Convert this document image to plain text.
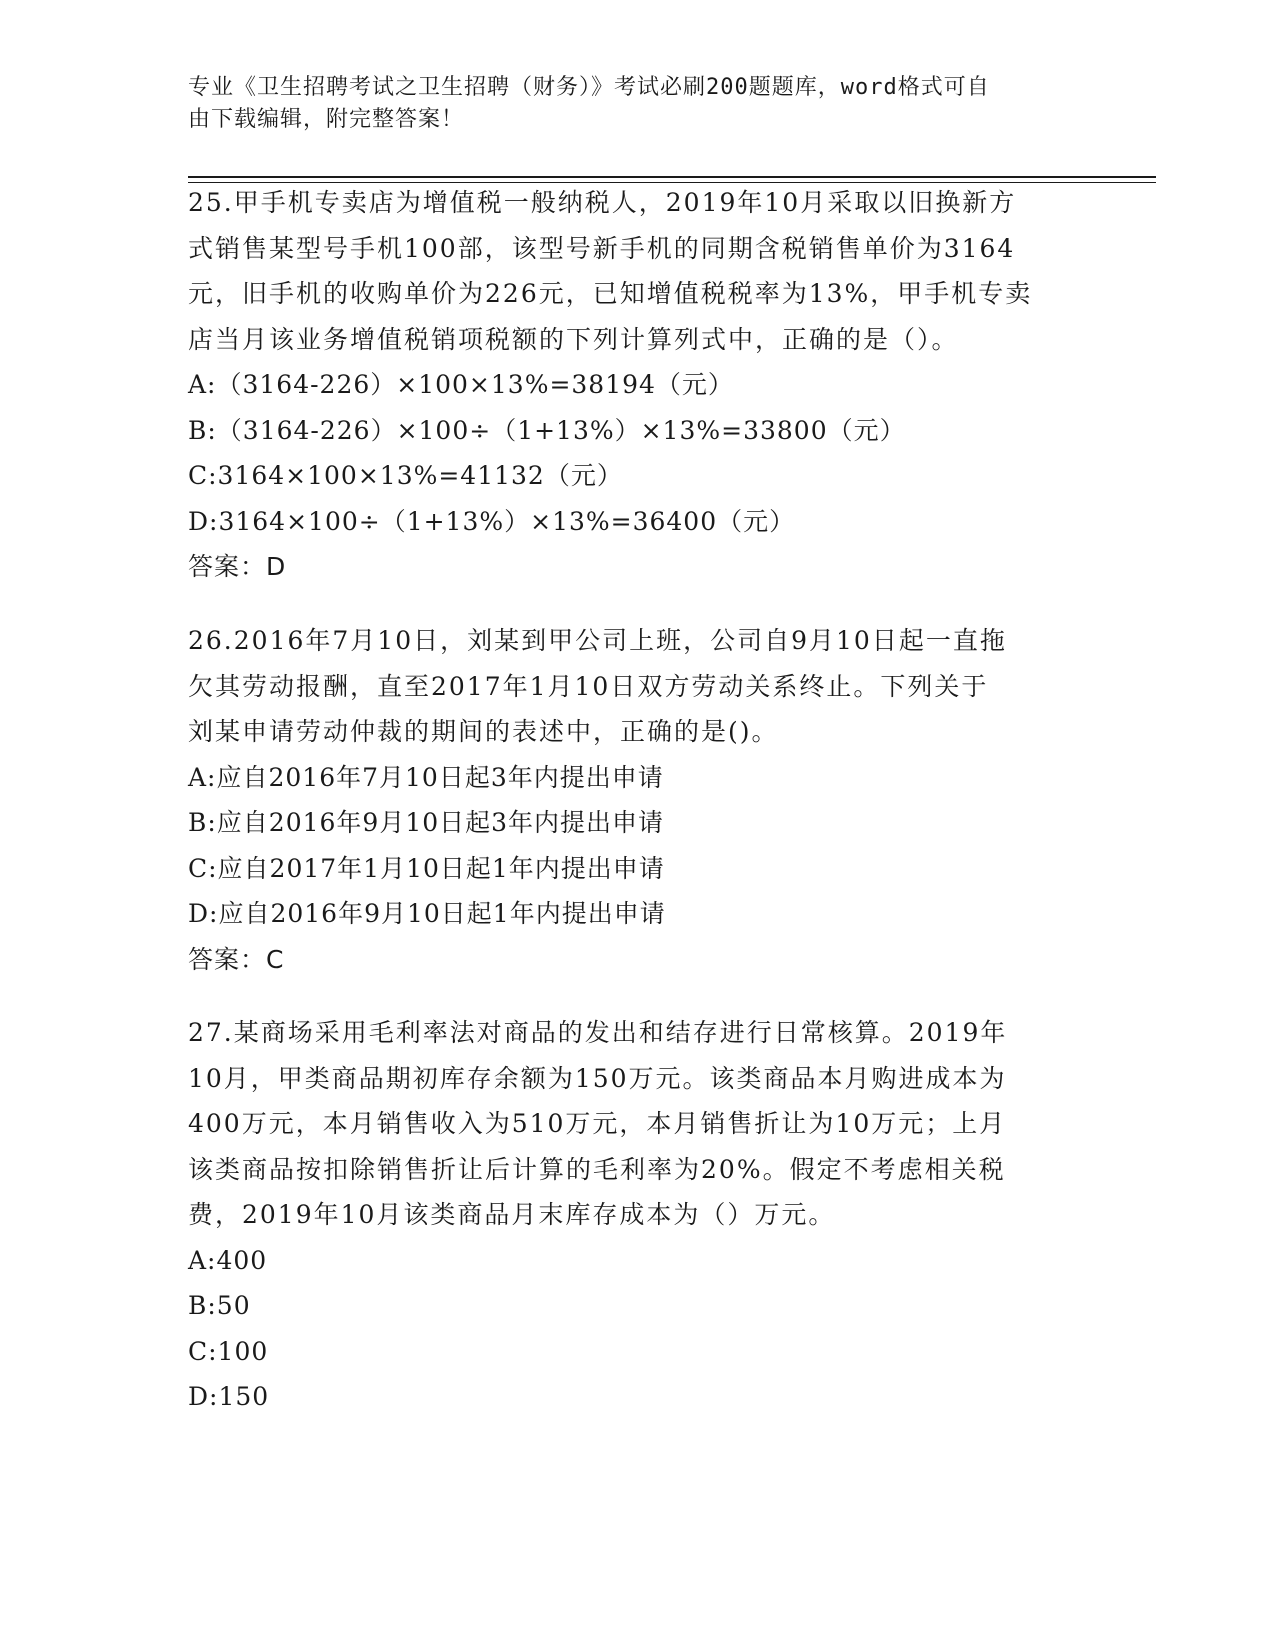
专业《卫生招聘考试之卫生招聘（财务）》考试必刷200题题库，word格式可自
由下载编辑，附完整答案！
25.甲手机专卖店为增值税一般纳税人，2019年10月采取以旧换新方
式销售某型号手机100部，该型号新手机的同期含税销售单价为3164
元，旧手机的收购单价为226元，已知增值税税率为13%，甲手机专卖
店当月该业务增值税销项税额的下列计算列式中，正确的是（）。
A:（3164-226）×100×13%=38194（元）
B:（3164-226）×100÷（1+13%）×13%=33800（元）
C:3164×100×13%=41132（元）
D:3164×100÷（1+13%）×13%=36400（元）
答案：D
26.2016年7月10日，刘某到甲公司上班，公司自9月10日起一直拖
欠其劳动报酬，直至2017年1月10日双方劳动关系终止。下列关于
刘某申请劳动仲裁的期间的表述中，正确的是()。
A:应自2016年7月10日起3年内提出申请
B:应自2016年9月10日起3年内提出申请
C:应自2017年1月10日起1年内提出申请
D:应自2016年9月10日起1年内提出申请
答案：C
27.某商场采用毛利率法对商品的发出和结存进行日常核算。2019年
10月，甲类商品期初库存余额为150万元。该类商品本月购进成本为
400万元，本月销售收入为510万元，本月销售折让为10万元；上月
该类商品按扣除销售折让后计算的毛利率为20%。假定不考虑相关税
费，2019年10月该类商品月末库存成本为（）万元。
A:400
B:50
C:100
D:150
